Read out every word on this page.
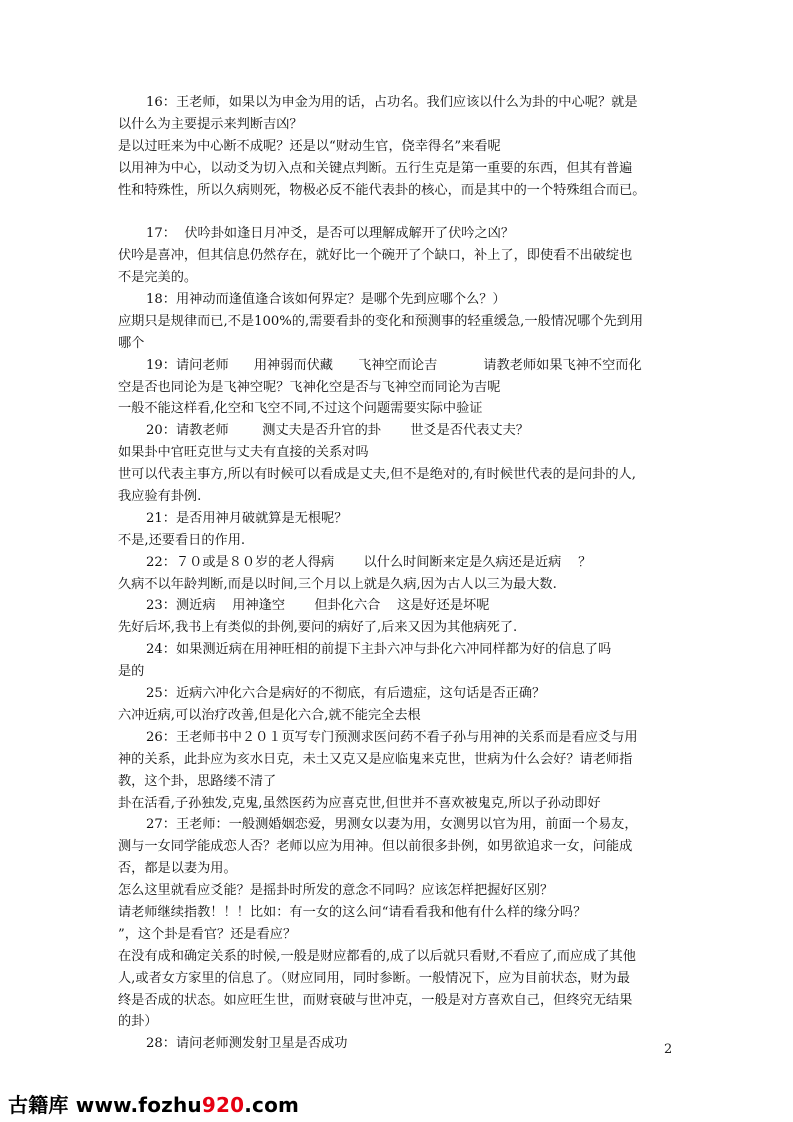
16：王老师，如果以为申金为用的话，占功名。我们应该以什么为卦的中心呢？就是
以什么为主要提示来判断吉凶？
是以过旺来为中心断不成呢？还是以“财动生官，侥幸得名”来看呢
以用神为中心，以动爻为切入点和关键点判断。五行生克是第一重要的东西，但其有普遍
性和特殊性，所以久病则死，物极必反不能代表卦的核心，而是其中的一个特殊组合而已。
17：  伏吟卦如逢日月冲爻，是否可以理解成解开了伏吟之凶？
伏吟是喜冲，但其信息仍然存在，就好比一个碗开了个缺口，补上了，即使看不出破绽也
不是完美的。
18：用神动而逢值逢合该如何界定？是哪个先到应哪个么？）
应期只是规律而已,不是100%的,需要看卦的变化和预测事的轻重缓急,一般情况哪个先到用
哪个
19：请问老师      用神弱而伏藏      飞神空而论吉           请教老师如果飞神不空而化
空是否也同论为是飞神空呢？飞神化空是否与飞神空而同论为吉呢
一般不能这样看,化空和飞空不同,不过这个问题需要实际中验证
20：请教老师        测丈夫是否升官的卦       世爻是否代表丈夫？
如果卦中官旺克世与丈夫有直接的关系对吗
世可以代表主事方,所以有时候可以看成是丈夫,但不是绝对的,有时候世代表的是问卦的人,
我应验有卦例.
21：是否用神月破就算是无根呢？
不是,还要看日的作用.
22：７０或是８０岁的老人得病       以什么时间断来定是久病还是近病    ？
久病不以年龄判断,而是以时间,三个月以上就是久病,因为古人以三为最大数.
23：测近病    用神逢空       但卦化六合    这是好还是坏呢
先好后坏,我书上有类似的卦例,要问的病好了,后来又因为其他病死了.
24：如果测近病在用神旺相的前提下主卦六冲与卦化六冲同样都为好的信息了吗
是的
25：近病六冲化六合是病好的不彻底，有后遗症，这句话是否正确？
六冲近病,可以治疗改善,但是化六合,就不能完全去根
26：王老师书中２０１页写专门预测求医问药不看子孙与用神的关系而是看应爻与用
神的关系，此卦应为亥水日克，未土又克又是应临鬼来克世，世病为什么会好？请老师指
教，这个卦，思路缕不清了
卦在活看,子孙独发,克鬼,虽然医药为应喜克世,但世并不喜欢被鬼克,所以子孙动即好
27：王老师：一般测婚姻恋爱，男测女以妻为用，女测男以官为用，前面一个易友，
测与一女同学能成恋人否？老师以应为用神。但以前很多卦例，如男欲追求一女，问能成
否，都是以妻为用。
怎么这里就看应爻能？是摇卦时所发的意念不同吗？应该怎样把握好区别？
请老师继续指教！！！比如：有一女的这么问“请看看我和他有什么样的缘分吗？
”，这个卦是看官？还是看应？
在没有成和确定关系的时候,一般是财应都看的,成了以后就只看财,不看应了,而应成了其他
人,或者女方家里的信息了。（财应同用，同时参断。一般情况下，应为目前状态，财为最
终是否成的状态。如应旺生世，而财衰破与世冲克，一般是对方喜欢自己，但终究无结果
的卦）
28：请问老师测发射卫星是否成功	2
古籍库 www.fozhu920.com
